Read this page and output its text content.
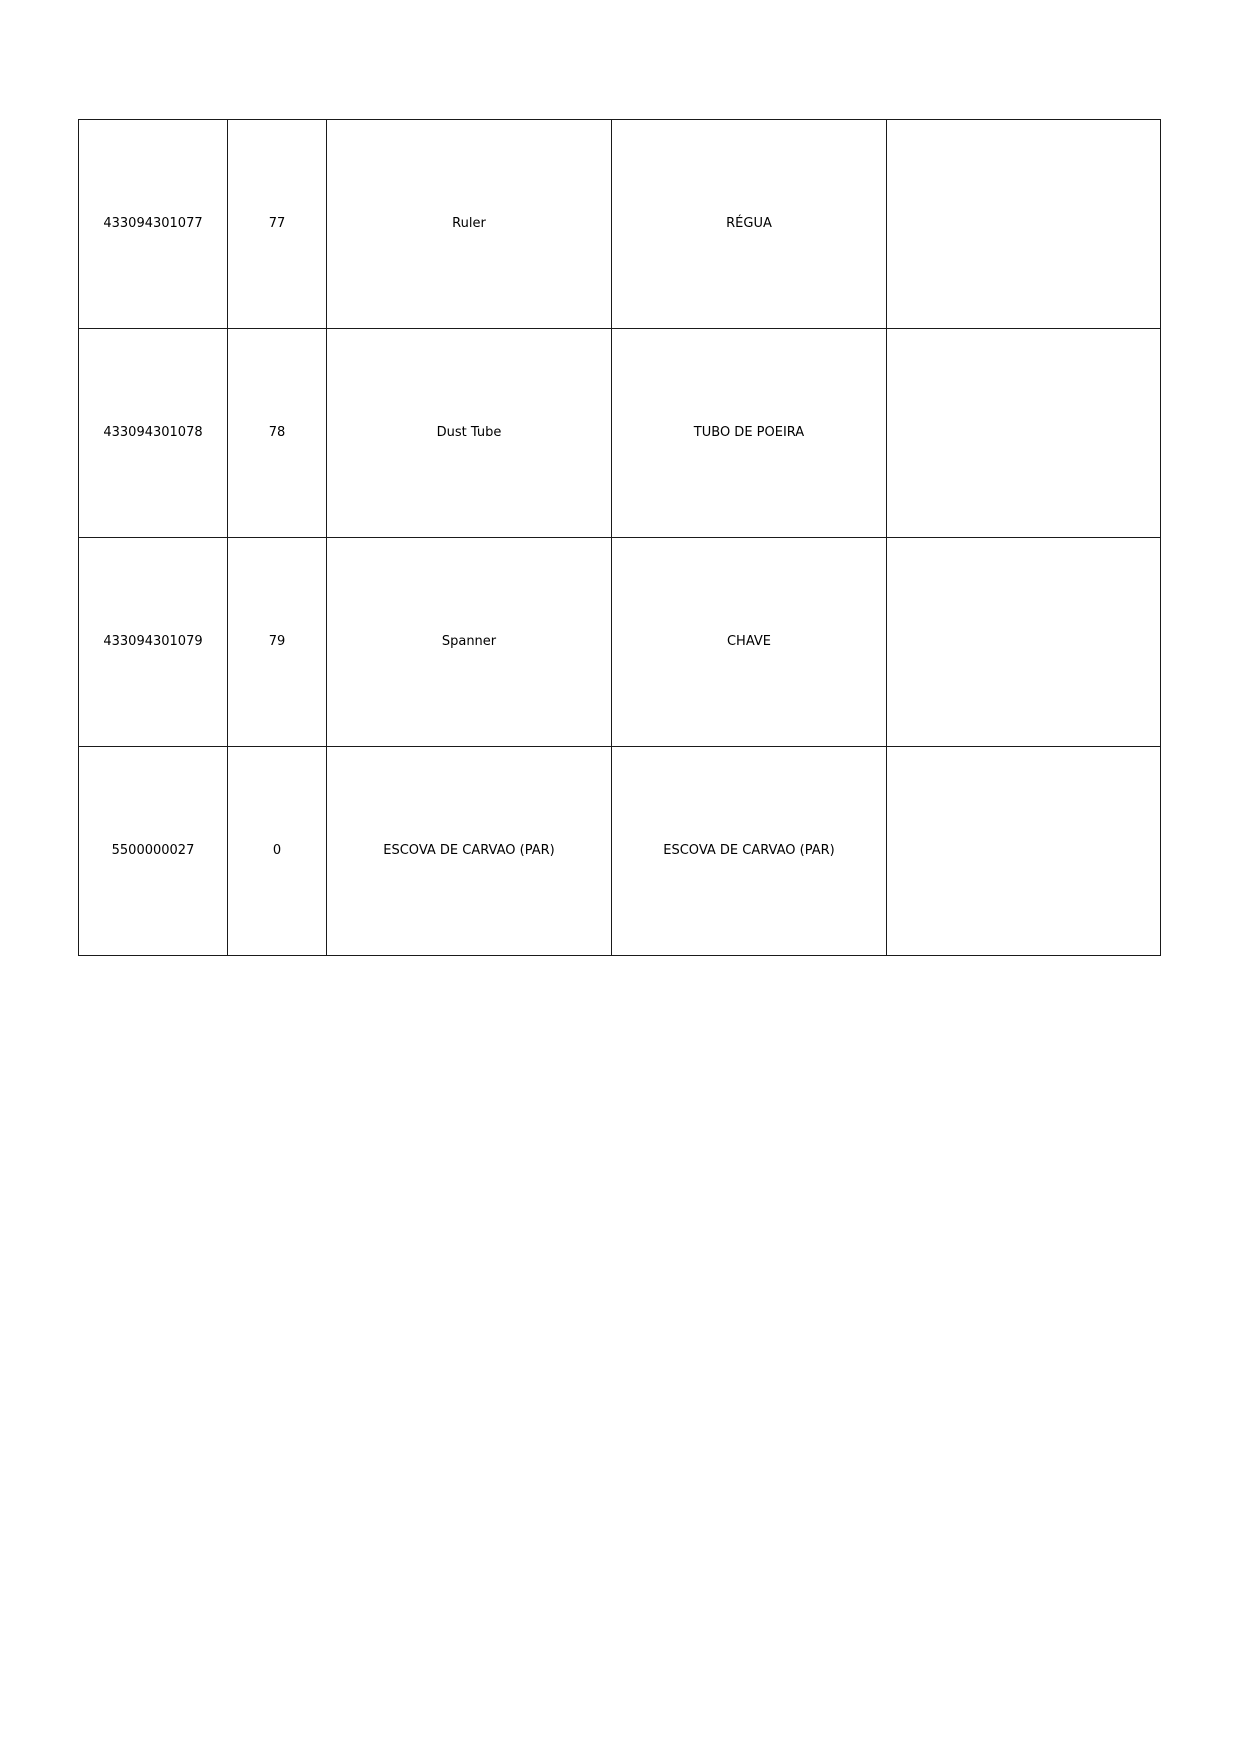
433094301077	77	Ruler	RÉGUA	
433094301078	78	Dust Tube	TUBO DE POEIRA	
433094301079	79	Spanner	CHAVE	
5500000027	0	ESCOVA DE CARVAO (PAR)	ESCOVA DE CARVAO (PAR)	
